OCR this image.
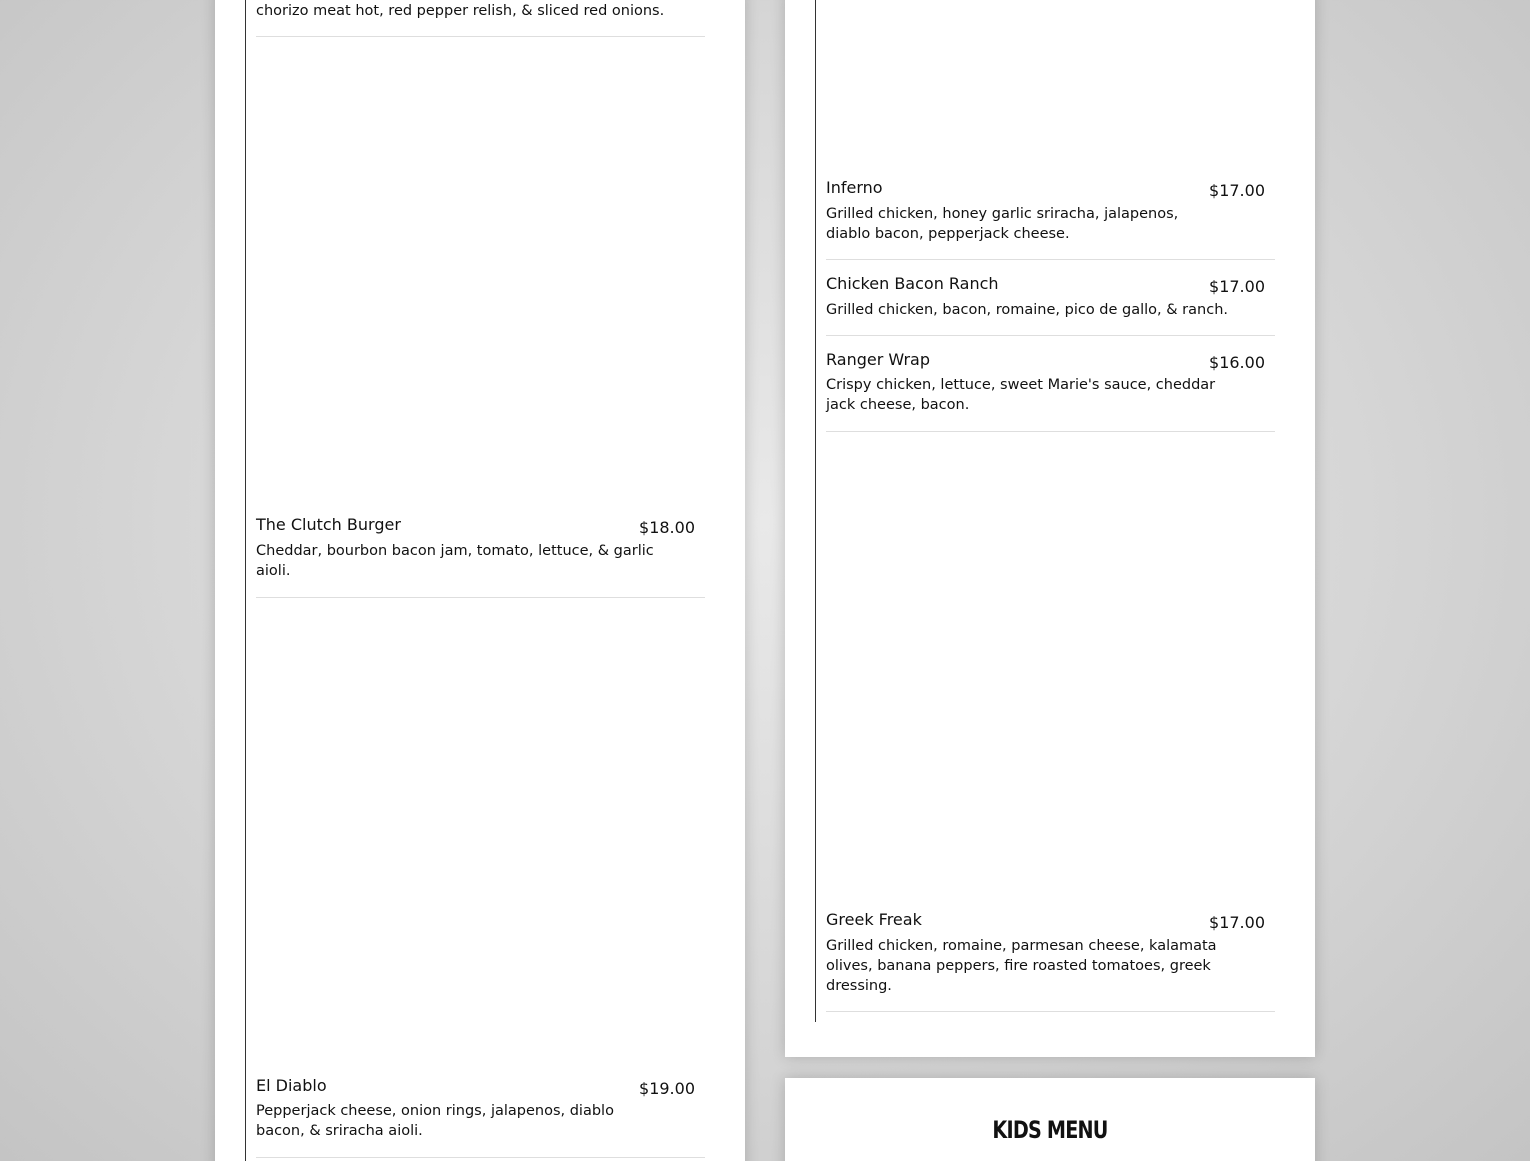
chorizo meat hot, red pepper relish, & sliced red onions.
The Clutch Burger	$18.00
Cheddar, bourbon bacon jam, tomato, lettuce, & garlic aioli.
El Diablo	$19.00
Pepperjack cheese, onion rings, jalapenos, diablo bacon, & sriracha aioli.
Inferno	$17.00
Grilled chicken, honey garlic sriracha, jalapenos, diablo bacon, pepperjack cheese.
Chicken Bacon Ranch	$17.00
Grilled chicken, bacon, romaine, pico de gallo, & ranch.
Ranger Wrap	$16.00
Crispy chicken, lettuce, sweet Marie's sauce, cheddar jack cheese, bacon.
Greek Freak	$17.00
Grilled chicken, romaine, parmesan cheese, kalamata olives, banana peppers, fire roasted tomatoes, greek dressing.
KIDS MENU
